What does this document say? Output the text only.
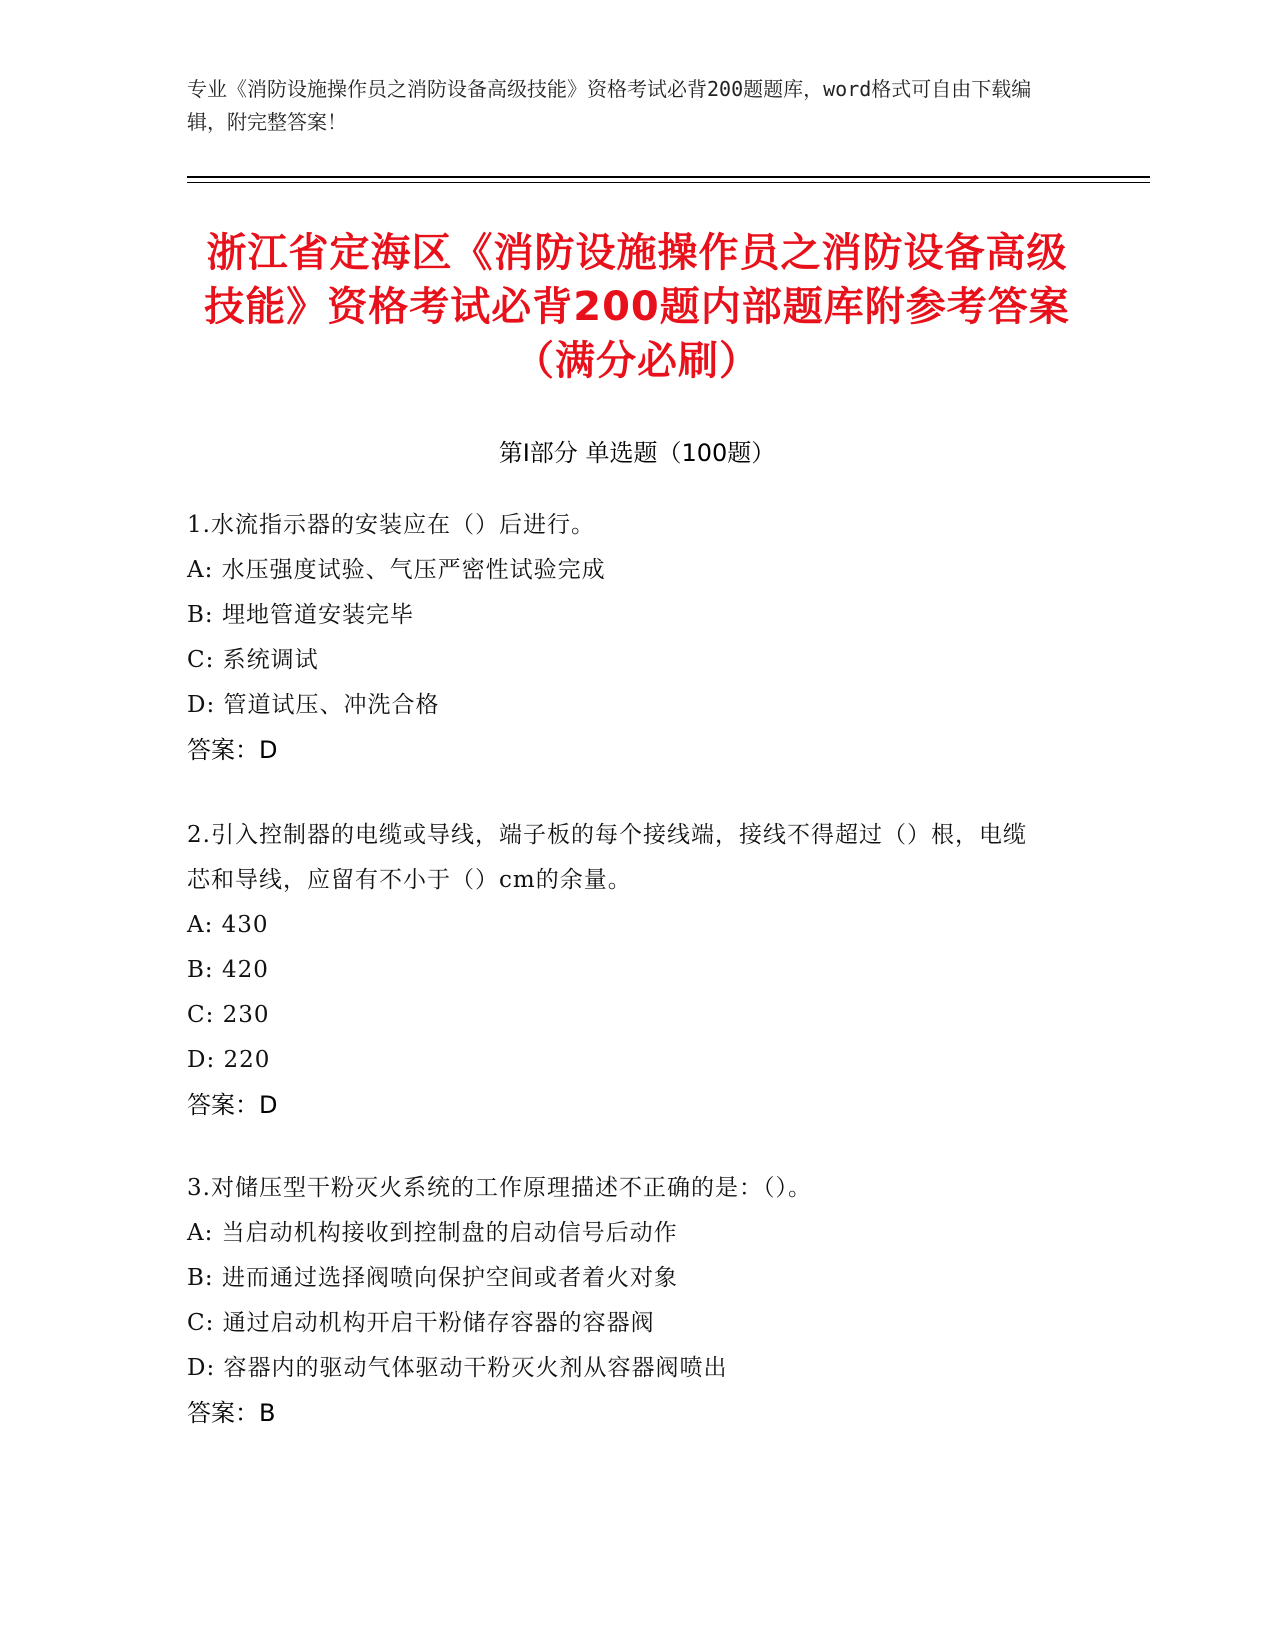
专业《消防设施操作员之消防设备高级技能》资格考试必背200题题库，word格式可自由下载编辑，附完整答案！
浙江省定海区《消防设施操作员之消防设备高级技能》资格考试必背200题内部题库附参考答案（满分必刷）
第I部分 单选题（100题）
1.水流指示器的安装应在（）后进行。
A: 水压强度试验、气压严密性试验完成
B: 埋地管道安装完毕
C: 系统调试
D: 管道试压、冲洗合格
答案：D
2.引入控制器的电缆或导线，端子板的每个接线端，接线不得超过（）根，电缆芯和导线，应留有不小于（）cm的余量。
A: 430
B: 420
C: 230
D: 220
答案：D
3.对储压型干粉灭火系统的工作原理描述不正确的是：（）。
A: 当启动机构接收到控制盘的启动信号后动作
B: 进而通过选择阀喷向保护空间或者着火对象
C: 通过启动机构开启干粉储存容器的容器阀
D: 容器内的驱动气体驱动干粉灭火剂从容器阀喷出
答案：B
